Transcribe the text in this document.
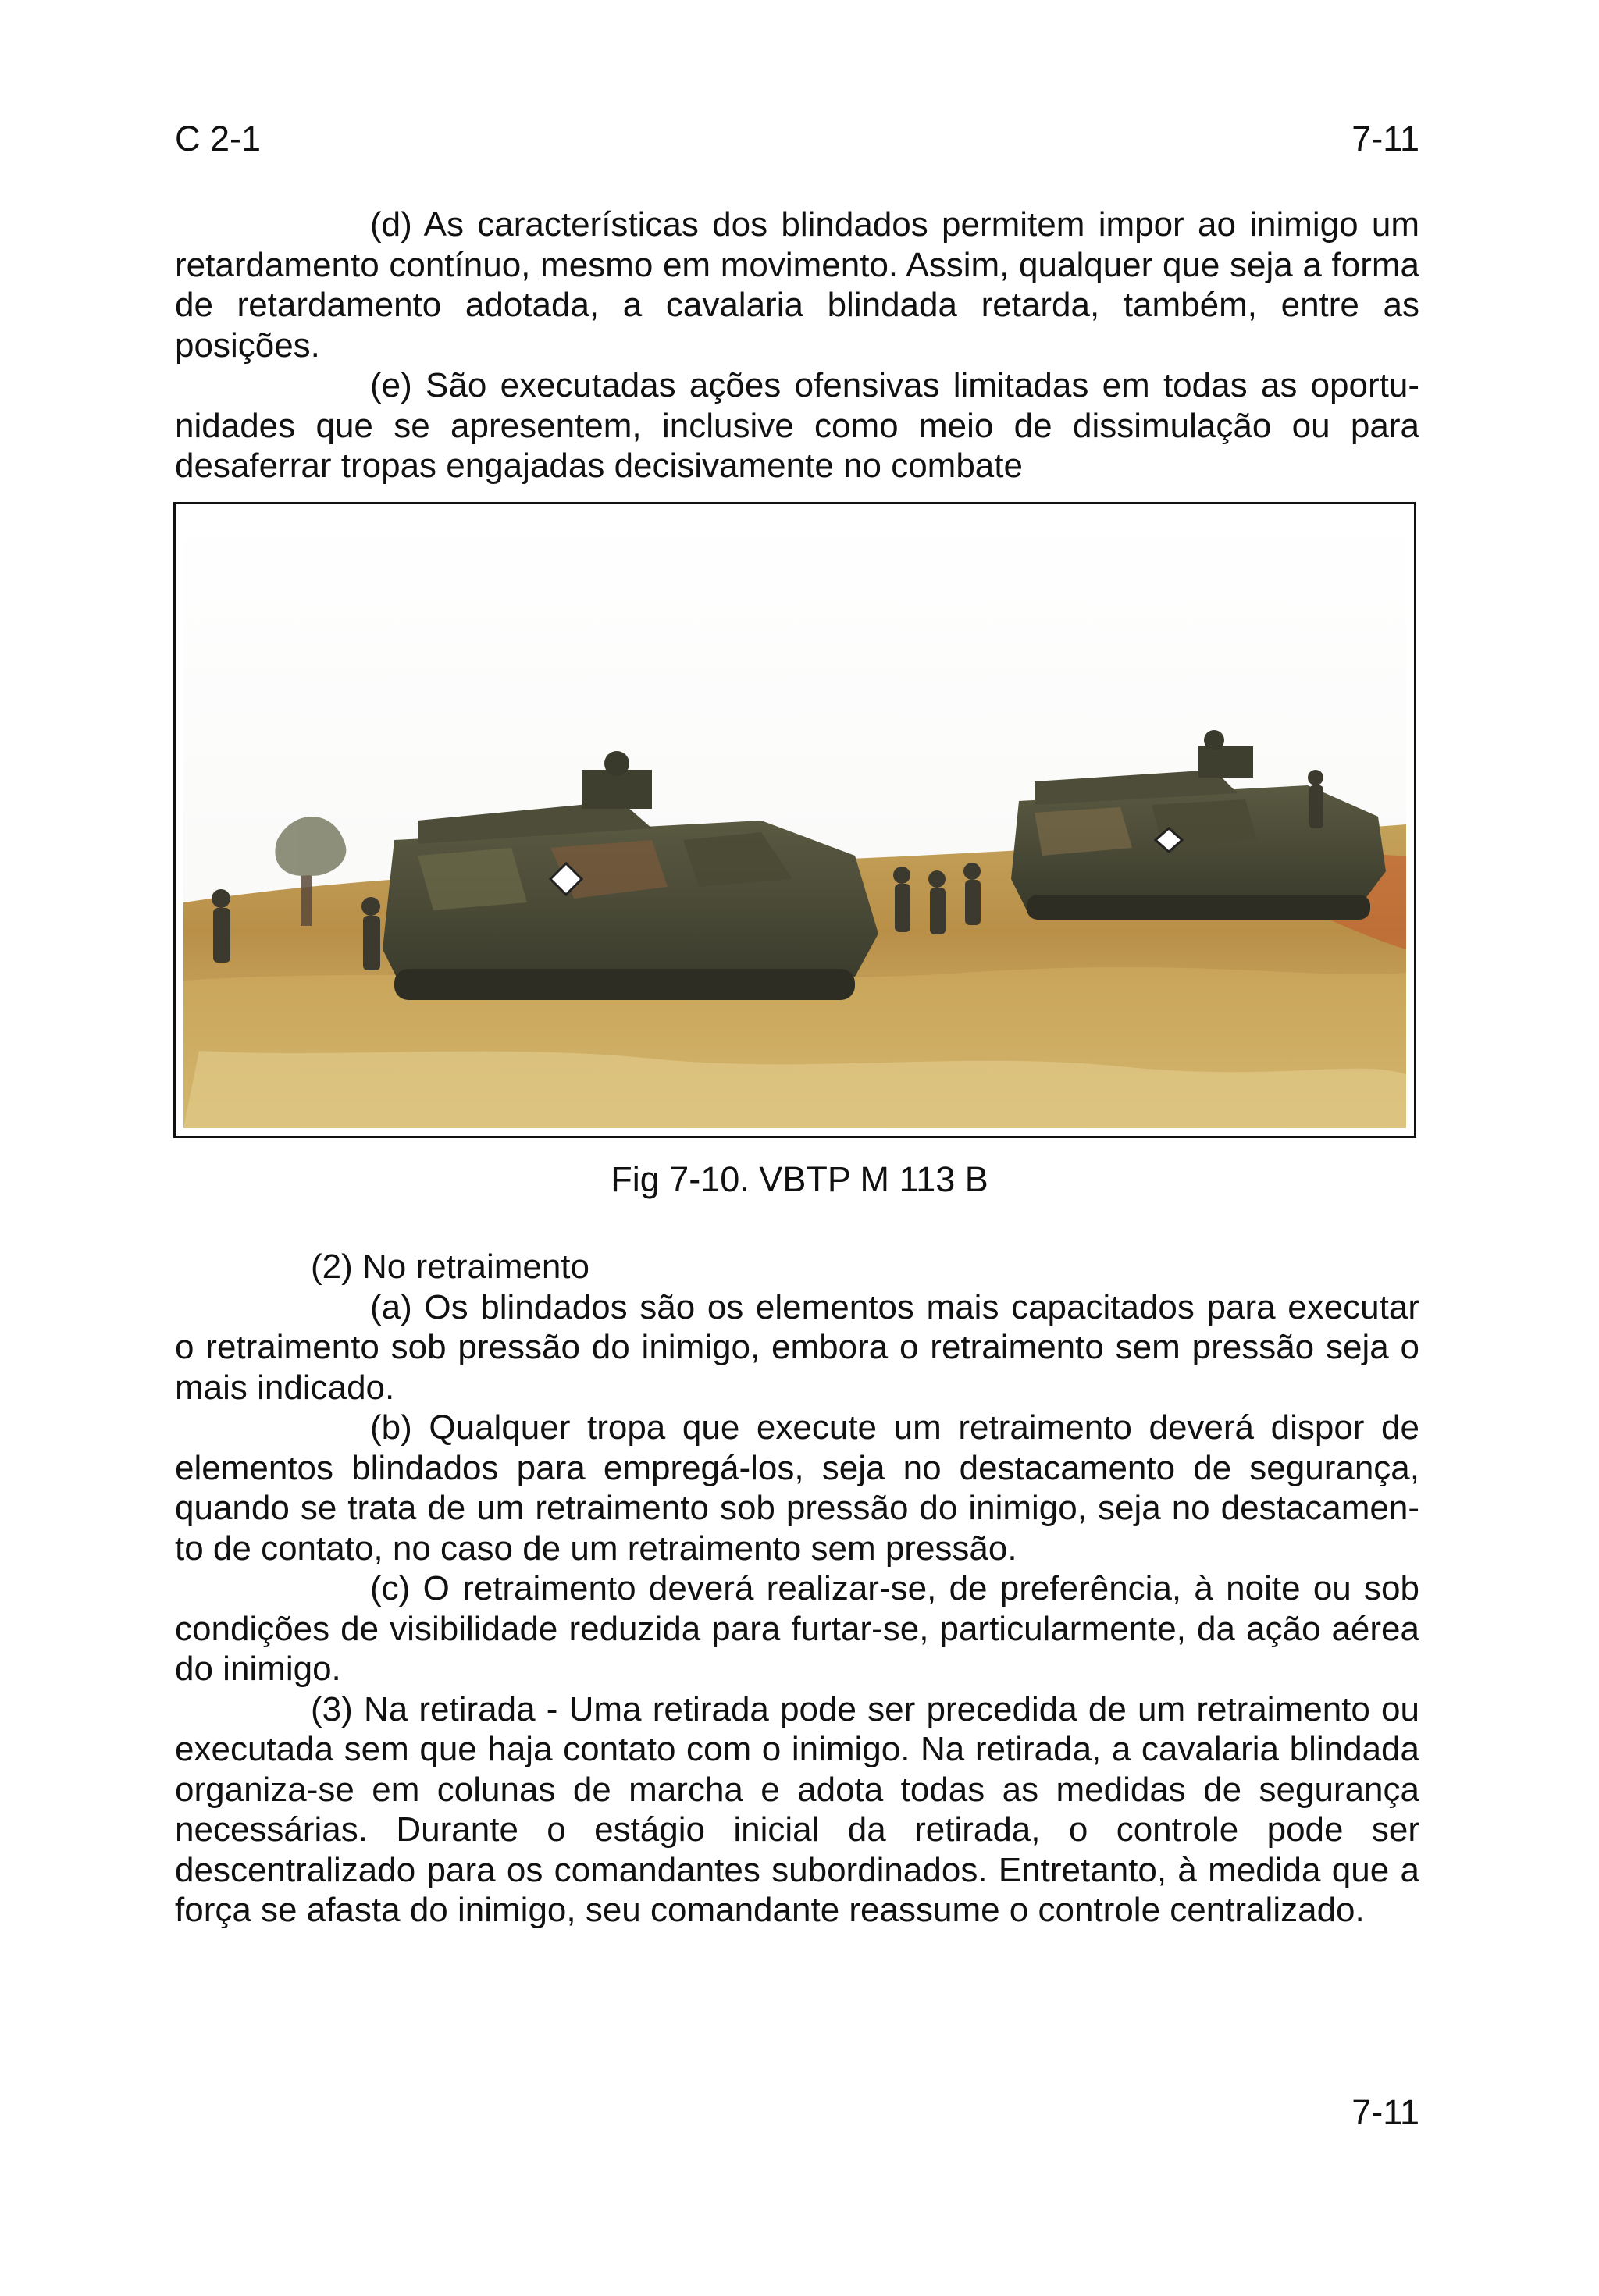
C 2-1	7-11

(d) As características dos blindados permitem impor ao inimigo um retardamento contínuo, mesmo em movimento. Assim, qualquer que seja a forma de retardamento adotada, a cavalaria blindada retarda, também, entre as posições.

(e) São executadas ações ofensivas limitadas em todas as oportu-nidades que se apresentem, inclusive como meio de dissimulação ou para desaferrar tropas engajadas decisivamente no combate

Fig 7-10. VBTP M 113 B

(2) No retraimento

(a) Os blindados são os elementos mais capacitados para executar o retraimento sob pressão do inimigo, embora o retraimento sem pressão seja o mais indicado.

(b) Qualquer tropa que execute um retraimento deverá dispor de elementos blindados para empregá-los, seja no destacamento de segurança, quando se trata de um retraimento sob pressão do inimigo, seja no destacamen-to de contato, no caso de um retraimento sem pressão.

(c) O retraimento deverá realizar-se, de preferência, à noite ou sob condições de visibilidade reduzida para furtar-se, particularmente, da ação aérea do inimigo.

(3) Na retirada - Uma retirada pode ser precedida de um retraimento ou executada sem que haja contato com o inimigo. Na retirada, a cavalaria blindada organiza-se em colunas de marcha e adota todas as medidas de segurança necessárias. Durante o estágio inicial da retirada, o controle pode ser descentralizado para os comandantes subordinados. Entretanto, à medida que a força se afasta do inimigo, seu comandante reassume o controle centralizado.

7-11
